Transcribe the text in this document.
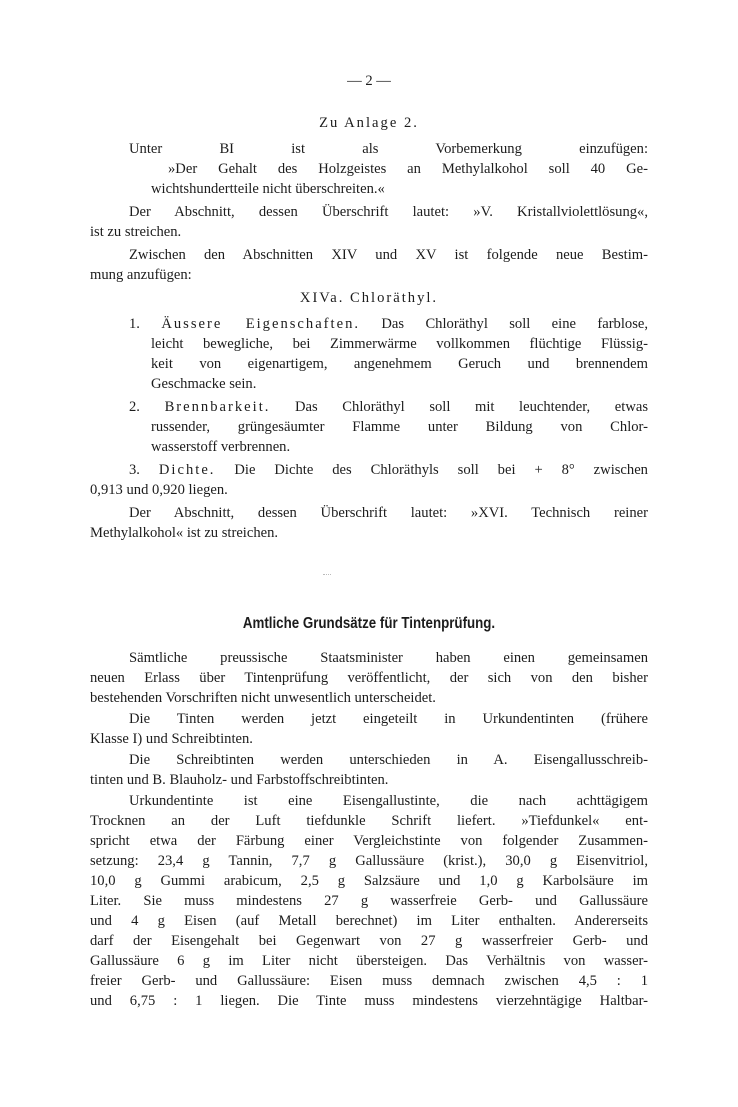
— 2 —
Zu Anlage 2.
Unter BI ist als Vorbemerkung einzufügen:
»Der Gehalt des Holzgeistes an Methylalkohol soll 40 Ge-
wichtshundertteile nicht überschreiten.«
Der Abschnitt, dessen Überschrift lautet: »V. Kristallviolettlösung«,
ist zu streichen.
Zwischen den Abschnitten XIV und XV ist folgende neue Bestim-
mung anzufügen:
XIVa. Chloräthyl.
1. Äussere Eigenschaften. Das Chloräthyl soll eine farblose,
leicht bewegliche, bei Zimmerwärme vollkommen flüchtige Flüssig-
keit von eigenartigem, angenehmem Geruch und brennendem
Geschmacke sein.
2. Brennbarkeit. Das Chloräthyl soll mit leuchtender, etwas
russender, grüngesäumter Flamme unter Bildung von Chlor-
wasserstoff verbrennen.
3. Dichte. Die Dichte des Chloräthyls soll bei + 8° zwischen
0,913 und 0,920 liegen.
Der Abschnitt, dessen Überschrift lautet: »XVI. Technisch reiner
Methylalkohol« ist zu streichen.
Amtliche Grundsätze für Tintenprüfung.
Sämtliche preussische Staatsminister haben einen gemeinsamen
neuen Erlass über Tintenprüfung veröffentlicht, der sich von den bisher
bestehenden Vorschriften nicht unwesentlich unterscheidet.
Die Tinten werden jetzt eingeteilt in Urkundentinten (frühere
Klasse I) und Schreibtinten.
Die Schreibtinten werden unterschieden in A. Eisengallusschreib-
tinten und B. Blauholz- und Farbstoffschreibtinten.
Urkundentinte ist eine Eisengallustinte, die nach achttägigem
Trocknen an der Luft tiefdunkle Schrift liefert. »Tiefdunkel« ent-
spricht etwa der Färbung einer Vergleichstinte von folgender Zusammen-
setzung: 23,4 g Tannin, 7,7 g Gallussäure (krist.), 30,0 g Eisenvitriol,
10,0 g Gummi arabicum, 2,5 g Salzsäure und 1,0 g Karbolsäure im
Liter. Sie muss mindestens 27 g wasserfreie Gerb- und Gallussäure
und 4 g Eisen (auf Metall berechnet) im Liter enthalten. Andererseits
darf der Eisengehalt bei Gegenwart von 27 g wasserfreier Gerb- und
Gallussäure 6 g im Liter nicht übersteigen. Das Verhältnis von wasser-
freier Gerb- und Gallussäure: Eisen muss demnach zwischen 4,5 : 1
und 6,75 : 1 liegen. Die Tinte muss mindestens vierzehntägige Haltbar-
